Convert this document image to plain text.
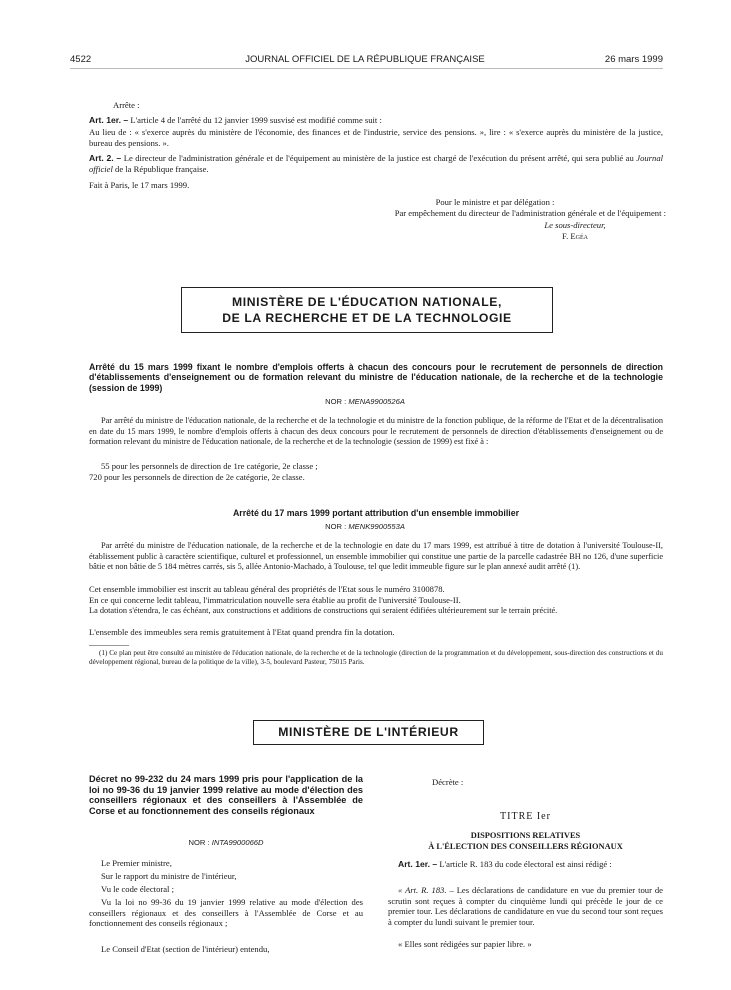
4522	JOURNAL OFFICIEL DE LA RÉPUBLIQUE FRANÇAISE	26 mars 1999
Arrête :
Art. 1er. – L'article 4 de l'arrêté du 12 janvier 1999 susvisé est modifié comme suit :
Au lieu de : « s'exerce auprès du ministère de l'économie, des finances et de l'industrie, service des pensions. », lire : « s'exerce auprès du ministère de la justice, bureau des pensions. ».
Art. 2. – Le directeur de l'administration générale et de l'équipement au ministère de la justice est chargé de l'exécution du présent arrêté, qui sera publié au Journal officiel de la République française.
Fait à Paris, le 17 mars 1999.
Pour le ministre et par délégation :
Par empêchement du directeur de l'administration générale et de l'équipement :
Le sous-directeur,
F. Egéa
MINISTÈRE DE L'ÉDUCATION NATIONALE,
DE LA RECHERCHE ET DE LA TECHNOLOGIE
Arrêté du 15 mars 1999 fixant le nombre d'emplois offerts à chacun des concours pour le recrutement de personnels de direction d'établissements d'enseignement ou de formation relevant du ministre de l'éducation nationale, de la recherche et de la technologie (session de 1999)
NOR : MENA9900526A
Par arrêté du ministre de l'éducation nationale, de la recherche et de la technologie et du ministre de la fonction publique, de la réforme de l'Etat et de la décentralisation en date du 15 mars 1999, le nombre d'emplois offerts à chacun des deux concours pour le recrutement de personnels de direction d'établissements d'enseignement ou de formation relevant du ministre de l'éducation nationale, de la recherche et de la technologie (session de 1999) est fixé à :
55 pour les personnels de direction de 1re catégorie, 2e classe ;
720 pour les personnels de direction de 2e catégorie, 2e classe.
Arrêté du 17 mars 1999 portant attribution d'un ensemble immobilier
NOR : MENK9900553A
Par arrêté du ministre de l'éducation nationale, de la recherche et de la technologie en date du 17 mars 1999, est attribué à titre de dotation à l'université Toulouse-II, établissement public à caractère scientifique, culturel et professionnel, un ensemble immobilier qui constitue une partie de la parcelle cadastrée BH no 126, d'une superficie bâtie et non bâtie de 5 184 mètres carrés, sis 5, allée Antonio-Machado, à Toulouse, tel que ledit immeuble figure sur le plan annexé audit arrêté (1).
Cet ensemble immobilier est inscrit au tableau général des propriétés de l'Etat sous le numéro 3100878.
En ce qui concerne ledit tableau, l'immatriculation nouvelle sera établie au profit de l'université Toulouse-II.
La dotation s'étendra, le cas échéant, aux constructions et additions de constructions qui seraient édifiées ultérieurement sur le terrain précité.
L'ensemble des immeubles sera remis gratuitement à l'Etat quand prendra fin la dotation.
(1) Ce plan peut être consulté au ministère de l'éducation nationale, de la recherche et de la technologie (direction de la programmation et du développement, sous-direction des constructions et du développement régional, bureau de la politique de la ville), 3-5, boulevard Pasteur, 75015 Paris.
MINISTÈRE DE L'INTÉRIEUR
Décret no 99-232 du 24 mars 1999 pris pour l'application de la loi no 99-36 du 19 janvier 1999 relative au mode d'élection des conseillers régionaux et des conseillers à l'Assemblée de Corse et au fonctionnement des conseils régionaux
NOR : INTA9900066D
Le Premier ministre,
Sur le rapport du ministre de l'intérieur,
Vu le code électoral ;
Vu la loi no 99-36 du 19 janvier 1999 relative au mode d'élection des conseillers régionaux et des conseillers à l'Assemblée de Corse et au fonctionnement des conseils régionaux ;
Le Conseil d'Etat (section de l'intérieur) entendu,
Décrète :
TITRE Ier
DISPOSITIONS RELATIVES
À L'ÉLECTION DES CONSEILLERS RÉGIONAUX
Art. 1er. – L'article R. 183 du code électoral est ainsi rédigé :
« Art. R. 183. – Les déclarations de candidature en vue du premier tour de scrutin sont reçues à compter du cinquième lundi qui précède le jour de ce premier tour. Les déclarations de candidature en vue du second tour sont reçues à compter du lundi suivant le premier tour.
« Elles sont rédigées sur papier libre. »
